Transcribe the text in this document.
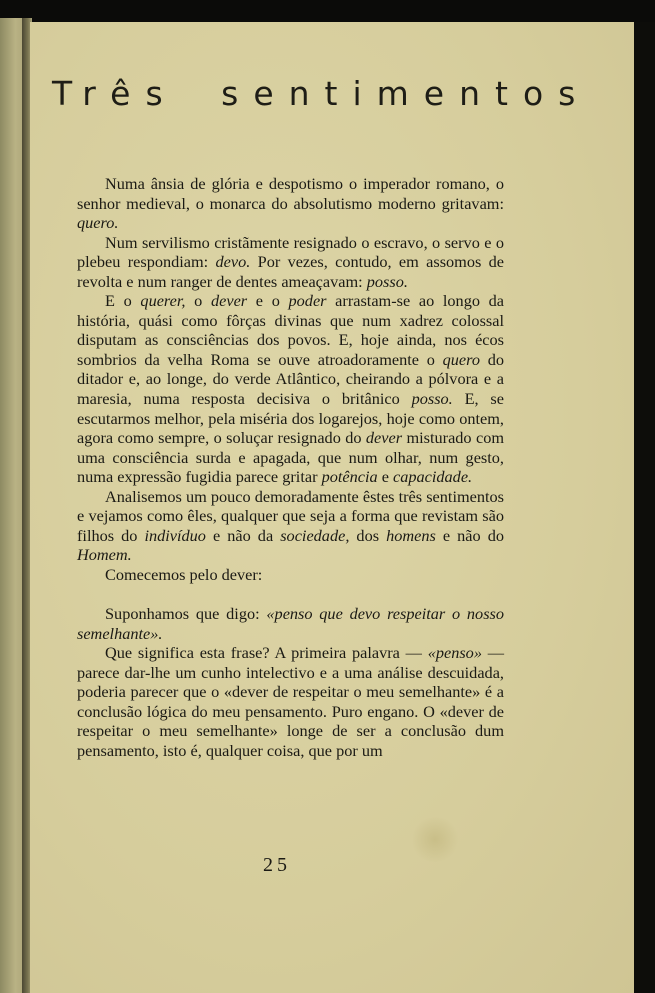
Três sentimentos

Numa ânsia de glória e despotismo o imperador romano, o senhor medieval, o monarca do absolutismo moderno gritavam: quero.

Num servilismo cristãmente resignado o escravo, o servo e o plebeu respondiam: devo. Por vezes, contudo, em assomos de revolta e num ranger de dentes ameaçavam: posso.

E o querer, o dever e o poder arrastam-se ao longo da história, quási como fôrças divinas que num xadrez colossal disputam as consciências dos povos. E, hoje ainda, nos écos sombrios da velha Roma se ouve atroadoramente o quero do ditador e, ao longe, do verde Atlântico, cheirando a pólvora e a maresia, numa resposta decisiva o britânico posso. E, se escutarmos melhor, pela miséria dos logarejos, hoje como ontem, agora como sempre, o soluçar resignado do dever misturado com uma consciência surda e apagada, que num olhar, num gesto, numa expressão fugidia parece gritar potência e capacidade.

Analisemos um pouco demoradamente êstes três sentimentos e vejamos como êles, qualquer que seja a forma que revistam são filhos do indivíduo e não da sociedade, dos homens e não do Homem.

Comecemos pelo dever:

Suponhamos que digo: «penso que devo respeitar o nosso semelhante».

Que significa esta frase? A primeira palavra — «penso» — parece dar-lhe um cunho intelectivo e a uma análise descuidada, poderia parecer que o «dever de respeitar o meu semelhante» é a conclusão lógica do meu pensamento. Puro engano. O «dever de respeitar o meu semelhante» longe de ser a conclusão dum pensamento, isto é, qualquer coisa, que por um

25
